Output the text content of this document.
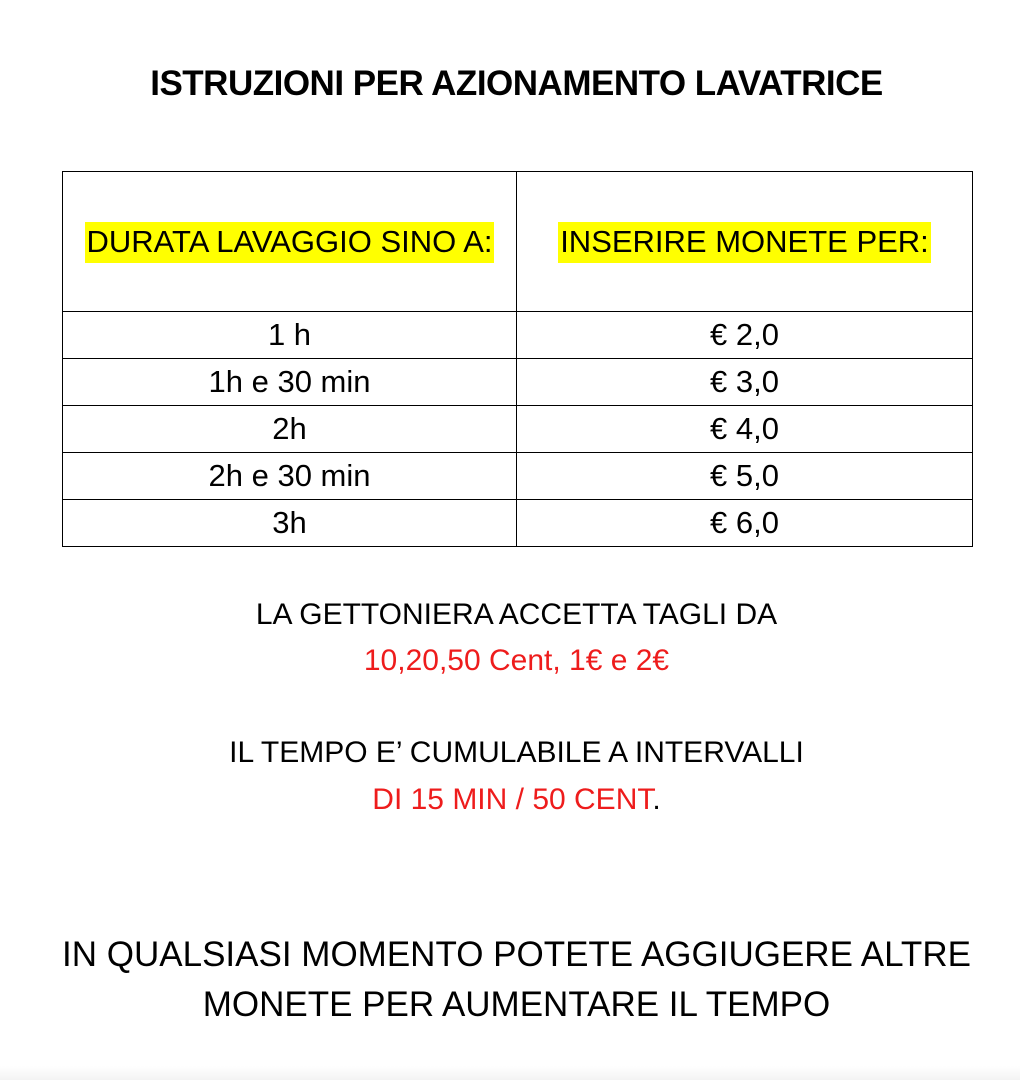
ISTRUZIONI PER AZIONAMENTO LAVATRICE
DURATA LAVAGGIO SINO A:	INSERIRE MONETE PER:
1 h	€ 2,0
1h e 30 min	€ 3,0
2h	€ 4,0
2h e 30 min	€ 5,0
3h	€ 6,0
LA GETTONIERA ACCETTA TAGLI DA
10,20,50 Cent, 1€ e 2€
IL TEMPO E’ CUMULABILE A INTERVALLI
DI 15 MIN / 50 CENT.
IN QUALSIASI MOMENTO POTETE AGGIUGERE ALTRE
MONETE PER AUMENTARE IL TEMPO
